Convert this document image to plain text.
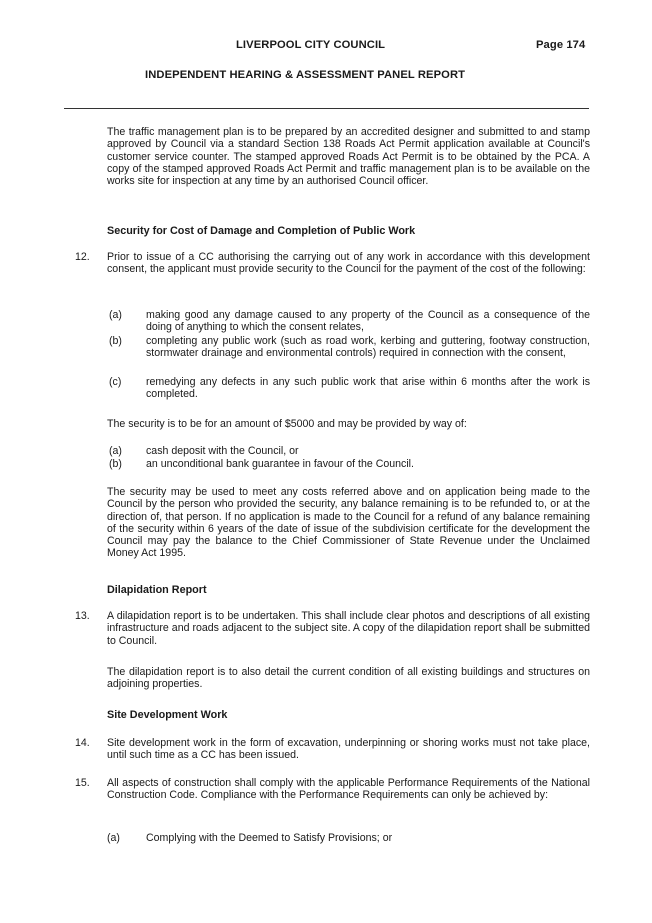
LIVERPOOL CITY COUNCIL	Page 174
INDEPENDENT HEARING & ASSESSMENT PANEL REPORT
The traffic management plan is to be prepared by an accredited designer and submitted to and stamp approved by Council via a standard Section 138 Roads Act Permit application available at Council's customer service counter. The stamped approved Roads Act Permit is to be obtained by the PCA. A copy of the stamped approved Roads Act Permit and traffic management plan is to be available on the works site for inspection at any time by an authorised Council officer.
Security for Cost of Damage and Completion of Public Work
12. Prior to issue of a CC authorising the carrying out of any work in accordance with this development consent, the applicant must provide security to the Council for the payment of the cost of the following:
(a) making good any damage caused to any property of the Council as a consequence of the doing of anything to which the consent relates,
(b) completing any public work (such as road work, kerbing and guttering, footway construction, stormwater drainage and environmental controls) required in connection with the consent,
(c) remedying any defects in any such public work that arise within 6 months after the work is completed.
The security is to be for an amount of $5000 and may be provided by way of:
(a) cash deposit with the Council, or
(b) an unconditional bank guarantee in favour of the Council.
The security may be used to meet any costs referred above and on application being made to the Council by the person who provided the security, any balance remaining is to be refunded to, or at the direction of, that person. If no application is made to the Council for a refund of any balance remaining of the security within 6 years of the date of issue of the subdivision certificate for the development the Council may pay the balance to the Chief Commissioner of State Revenue under the Unclaimed Money Act 1995.
Dilapidation Report
13. A dilapidation report is to be undertaken. This shall include clear photos and descriptions of all existing infrastructure and roads adjacent to the subject site. A copy of the dilapidation report shall be submitted to Council.
The dilapidation report is to also detail the current condition of all existing buildings and structures on adjoining properties.
Site Development Work
14. Site development work in the form of excavation, underpinning or shoring works must not take place, until such time as a CC has been issued.
15. All aspects of construction shall comply with the applicable Performance Requirements of the National Construction Code. Compliance with the Performance Requirements can only be achieved by:
(a) Complying with the Deemed to Satisfy Provisions; or
